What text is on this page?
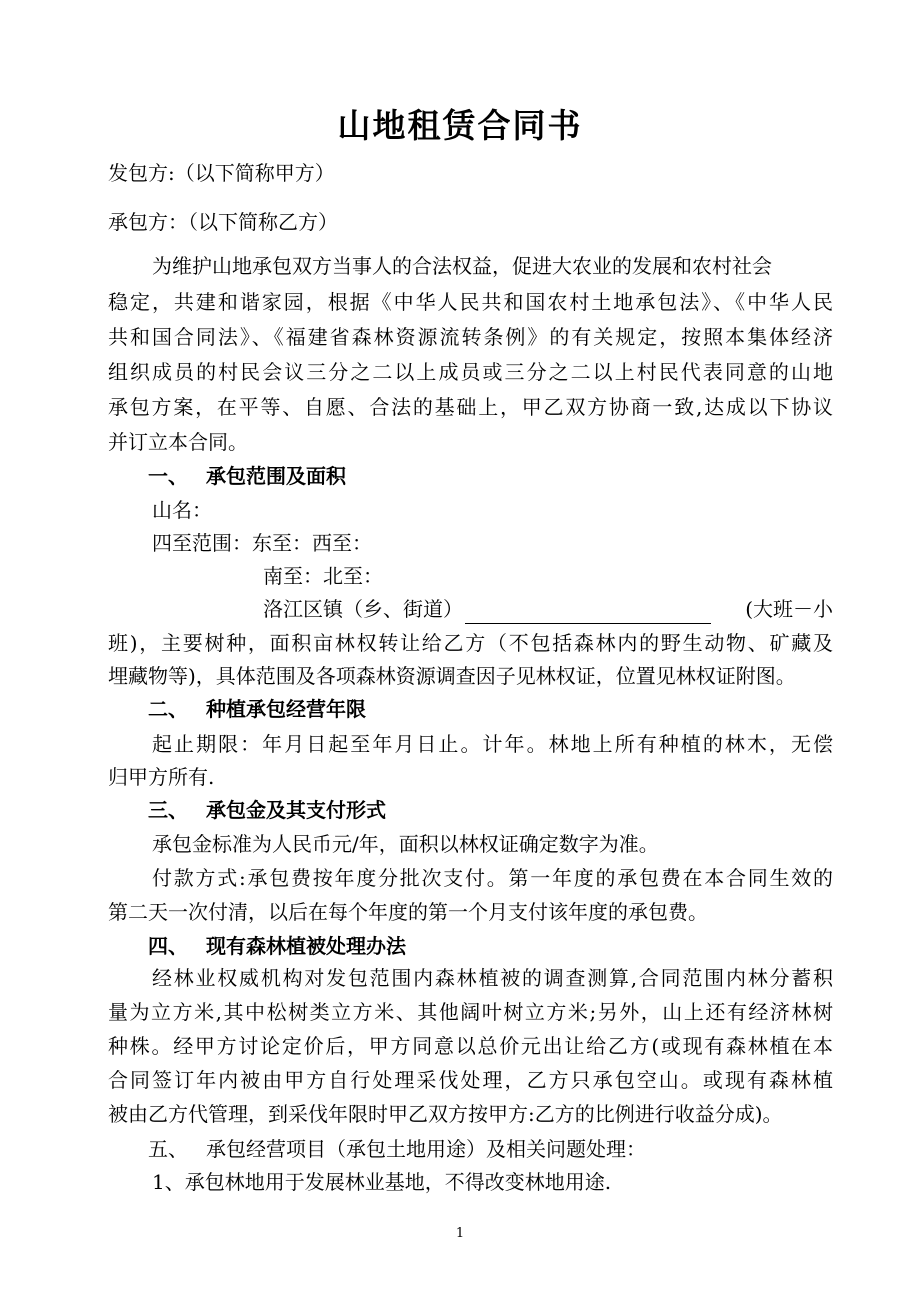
山地租赁合同书
发包方:（以下简称甲方）
承包方：（以下简称乙方）
为维护山地承包双方当事人的合法权益，促进大农业的发展和农村社会
稳定，共建和谐家园，根据《中华人民共和国农村土地承包法》、《中华人民
共和国合同法》、《福建省森林资源流转条例》的有关规定，按照本集体经济
组织成员的村民会议三分之二以上成员或三分之二以上村民代表同意的山地
承包方案，在平等、自愿、合法的基础上，甲乙双方协商一致,达成以下协议
并订立本合同。
一、 承包范围及面积
山名：
四至范围：东至：西至：
南至：北至：
洛江区镇（乡、街道）	(大班－小
班)，主要树种，面积亩林权转让给乙方（不包括森林内的野生动物、矿藏及
埋藏物等)，具体范围及各项森林资源调查因子见林权证，位置见林权证附图。
二、 种植承包经营年限
起止期限：年月日起至年月日止。计年。林地上所有种植的林木，无偿
归甲方所有.
三、 承包金及其支付形式
承包金标准为人民币元/年，面积以林权证确定数字为准。
付款方式:承包费按年度分批次支付。第一年度的承包费在本合同生效的
第二天一次付清，以后在每个年度的第一个月支付该年度的承包费。
四、 现有森林植被处理办法
经林业权威机构对发包范围内森林植被的调查测算,合同范围内林分蓄积
量为立方米,其中松树类立方米、其他阔叶树立方米;另外，山上还有经济林树
种株。经甲方讨论定价后，甲方同意以总价元出让给乙方(或现有森林植在本
合同签订年内被由甲方自行处理采伐处理，乙方只承包空山。或现有森林植
被由乙方代管理，到采伐年限时甲乙双方按甲方:乙方的比例进行收益分成)。
五、 承包经营项目（承包土地用途）及相关问题处理：
1、承包林地用于发展林业基地，不得改变林地用途.
1
